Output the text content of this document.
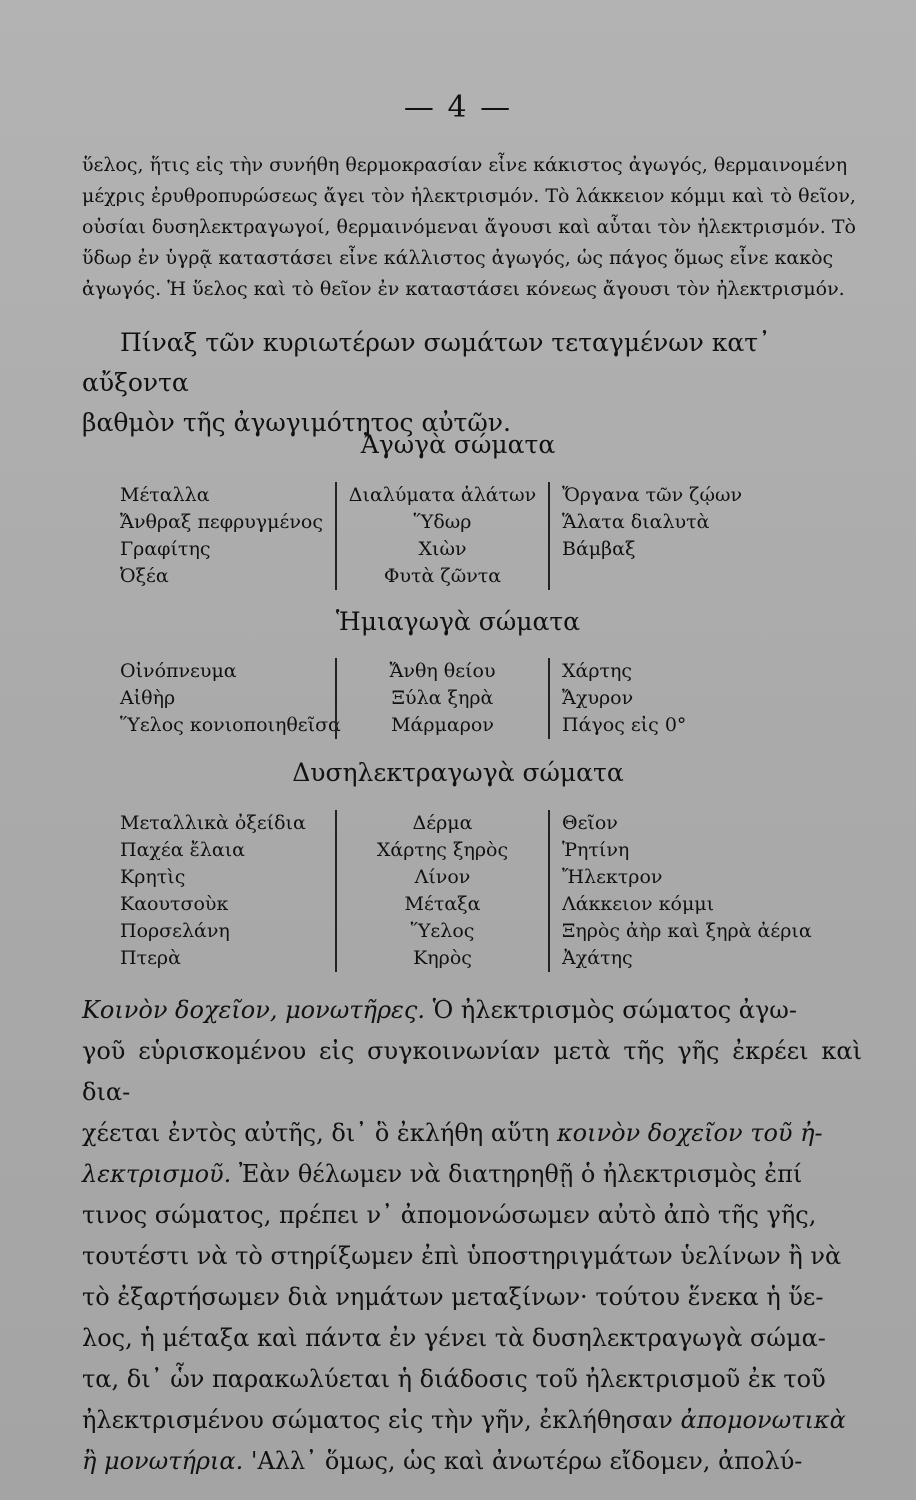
— 4 —

ὕελος, ἥτις εἰς τὴν συνήθη θερμοκρασίαν εἶνε κάκιστος ἀγωγός, θερμαινομένη

μέχρις ἐρυθροπυρώσεως ἄγει τὸν ἠλεκτρισμόν. Τὸ λάκκειον κόμμι καὶ τὸ θεῖον,

οὐσίαι δυσηλεκτραγωγοί, θερμαινόμεναι ἄγουσι καὶ αὗται τὸν ἠλεκτρισμόν. Τὸ

ὕδωρ ἐν ὑγρᾷ καταστάσει εἶνε κάλλιστος ἀγωγός, ὡς πάγος ὅμως εἶνε κακὸς

ἀγωγός. Ἡ ὕελος καὶ τὸ θεῖον ἐν καταστάσει κόνεως ἄγουσι τὸν ἠλεκτρισμόν.

Πίναξ τῶν κυριωτέρων σωμάτων τεταγμένων κατ᾽ αὔξοντα
βαθμὸν τῆς ἀγωγιμότητος αὐτῶν.
Ἀγωγὰ σώματα
Μέταλλα
Ἄνθραξ πεφρυγμένος
Γραφίτης
Ὀξέα
Διαλύματα ἁλάτων
Ὕδωρ
Χιὼν
Φυτὰ ζῶντα
Ὄργανα τῶν ζῴων
Ἅλατα διαλυτὰ
Βάμβαξ
Ἡμιαγωγὰ σώματα
Οἰνόπνευμα
Αἰθὴρ
Ὕελος κονιοποιηθεῖσα
Ἄνθη θείου
Ξύλα ξηρὰ
Μάρμαρον
Χάρτης
Ἄχυρον
Πάγος εἰς 0°
Δυσηλεκτραγωγὰ σώματα
Μεταλλικὰ ὀξείδια
Παχέα ἔλαια
Κρητὶς
Καουτσοὺκ
Πορσελάνη
Πτερὰ
Δέρμα
Χάρτης ξηρὸς
Λίνον
Μέταξα
Ὕελος
Κηρὸς
Θεῖον
Ῥητίνη
Ἤλεκτρον
Λάκκειον κόμμι
Ξηρὸς ἀὴρ καὶ ξηρὰ ἀέρια
Ἀχάτης
Κοινὸν δοχεῖον, μονωτῆρες. Ὁ ἠλεκτρισμὸς σώματος ἀγω-
γοῦ εὑρισκομένου εἰς συγκοινωνίαν μετὰ τῆς γῆς ἐκρέει καὶ δια-
χέεται ἐντὸς αὐτῆς, δι᾽ ὃ ἐκλήθη αὕτη κοινὸν δοχεῖον τοῦ ἠ-
λεκτρισμοῦ. Ἐὰν θέλωμεν νὰ διατηρηθῇ ὁ ἠλεκτρισμὸς ἐπί
τινος σώματος, πρέπει ν᾽ ἀπομονώσωμεν αὐτὸ ἀπὸ τῆς γῆς,
τουτέστι νὰ τὸ στηρίξωμεν ἐπὶ ὑποστηριγμάτων ὑελίνων ἢ νὰ
τὸ ἐξαρτήσωμεν διὰ νημάτων μεταξίνων· τούτου ἕνεκα ἡ ὕε-
λος, ἡ μέταξα καὶ πάντα ἐν γένει τὰ δυσηλεκτραγωγὰ σώμα-
τα, δι᾽ ὧν παρακωλύεται ἡ διάδοσις τοῦ ἠλεκτρισμοῦ ἐκ τοῦ
ἠλεκτρισμένου σώματος εἰς τὴν γῆν, ἐκλήθησαν ἀπομονωτικὰ
ἢ μονωτήρια. 'Αλλ᾽ ὅμως, ὡς καὶ ἀνωτέρω εἴδομεν, ἀπολύ-
